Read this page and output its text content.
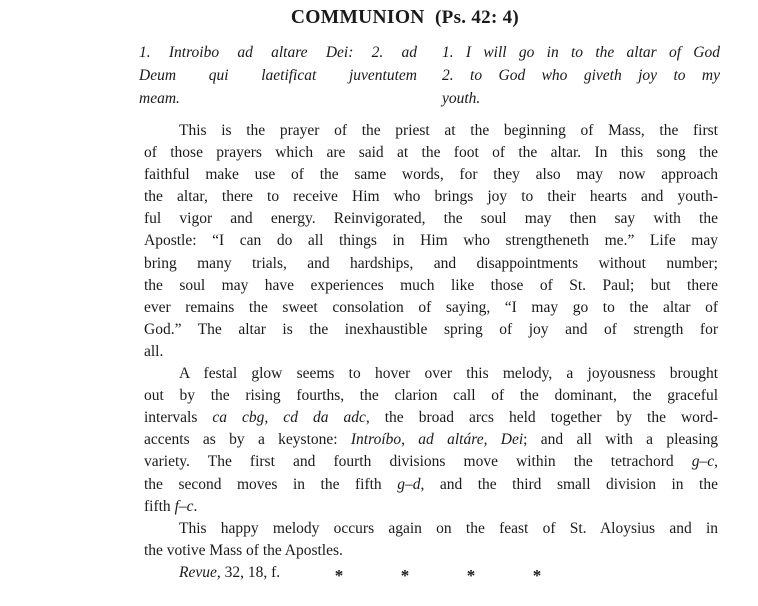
COMMUNION (Ps. 42: 4)
1. Introibo ad altare Dei: 2. ad
Deum qui laetificat juventutem
meam.
1. I will go in to the altar of God
2. to God who giveth joy to my
youth.

This is the prayer of the priest at the beginning of Mass, the first
of those prayers which are said at the foot of the altar. In this song the
faithful make use of the same words, for they also may now approach
the altar, there to receive Him who brings joy to their hearts and youth-
ful vigor and energy. Reinvigorated, the soul may then say with the
Apostle: “I can do all things in Him who strengtheneth me.” Life may
bring many trials, and hardships, and disappointments without number;
the soul may have experiences much like those of St. Paul; but there
ever remains the sweet consolation of saying, “I may go to the altar of
God.” The altar is the inexhaustible spring of joy and of strength for
all.

A festal glow seems to hover over this melody, a joyousness brought
out by the rising fourths, the clarion call of the dominant, the graceful
intervals ca cbg, cd da adc, the broad arcs held together by the word-
accents as by a keystone: Introíbo, ad altáre, Dei; and all with a pleasing
variety. The first and fourth divisions move within the tetrachord g–c,
the second moves in the fifth g–d, and the third small division in the
fifth f–c.

This happy melody occurs again on the feast of St. Aloysius and in
the votive Mass of the Apostles.

Revue, 32, 18, f.	*	*	*	*
